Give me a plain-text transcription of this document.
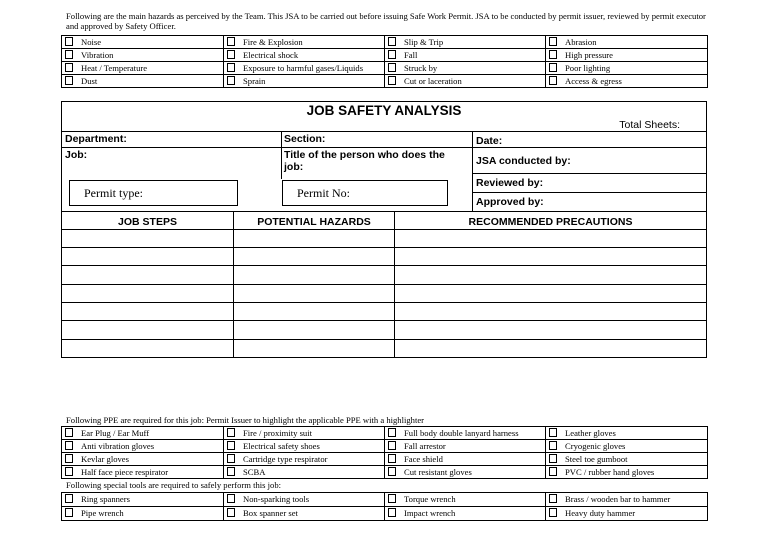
Following are the main hazards as perceived by the Team. This JSA to be carried out before issuing Safe Work Permit. JSA to be conducted by permit issuer, reviewed by permit executor and approved by Safety Officer.
Noise	Fire & Explosion	Slip & Trip	Abrasion
Vibration	Electrical shock	Fall	High pressure
Heat / Temperature	Exposure to harmful gases/Liquids	Struck by	Poor lighting
Dust	Sprain	Cut or laceration	Access & egress
JOB SAFETY ANALYSIS
Total Sheets:
Department:	Section:	Date:
Job:	Title of the person who does the job:	JSA conducted by:
Reviewed by:
Approved by:
Permit type:	Permit No:
JOB STEPS	POTENTIAL HAZARDS	RECOMMENDED PRECAUTIONS
Following PPE are required for this job: Permit Issuer to highlight the applicable PPE with a highlighter
Ear Plug / Ear Muff	Fire / proximity suit	Full body double lanyard harness	Leather gloves
Anti vibration gloves	Electrical safety shoes	Fall arrestor	Cryogenic gloves
Kevlar gloves	Cartridge type respirator	Face shield	Steel toe gumboot
Half face piece respirator	SCBA	Cut resistant gloves	PVC / rubber hand gloves
Following special tools are required to safely perform this job:
Ring spanners	Non-sparking tools	Torque wrench	Brass / wooden bar to hammer
Pipe wrench	Box spanner set	Impact wrench	Heavy duty hammer
